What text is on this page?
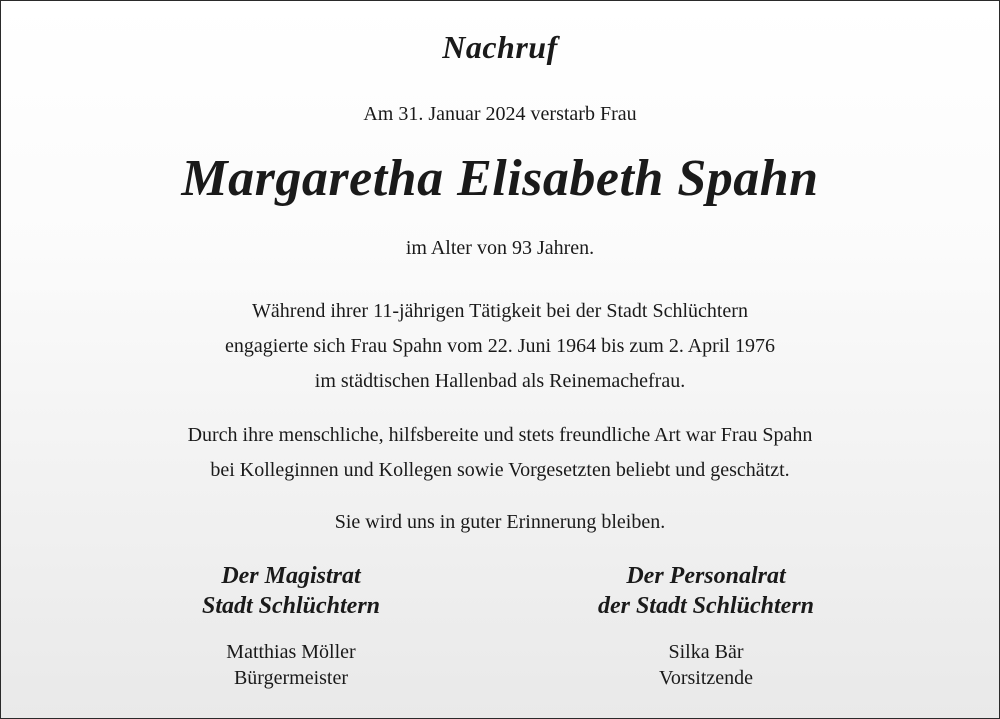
Nachruf
Am 31. Januar 2024 verstarb Frau
Margaretha Elisabeth Spahn
im Alter von 93 Jahren.
Während ihrer 11-jährigen Tätigkeit bei der Stadt Schlüchtern
engagierte sich Frau Spahn vom 22. Juni 1964 bis zum 2. April 1976
im städtischen Hallenbad als Reinemachefrau.
Durch ihre menschliche, hilfsbereite und stets freundliche Art war Frau Spahn
bei Kolleginnen und Kollegen sowie Vorgesetzten beliebt und geschätzt.
Sie wird uns in guter Erinnerung bleiben.
Der Magistrat
Stadt Schlüchtern
Matthias Möller
Bürgermeister
Der Personalrat
der Stadt Schlüchtern
Silka Bär
Vorsitzende
